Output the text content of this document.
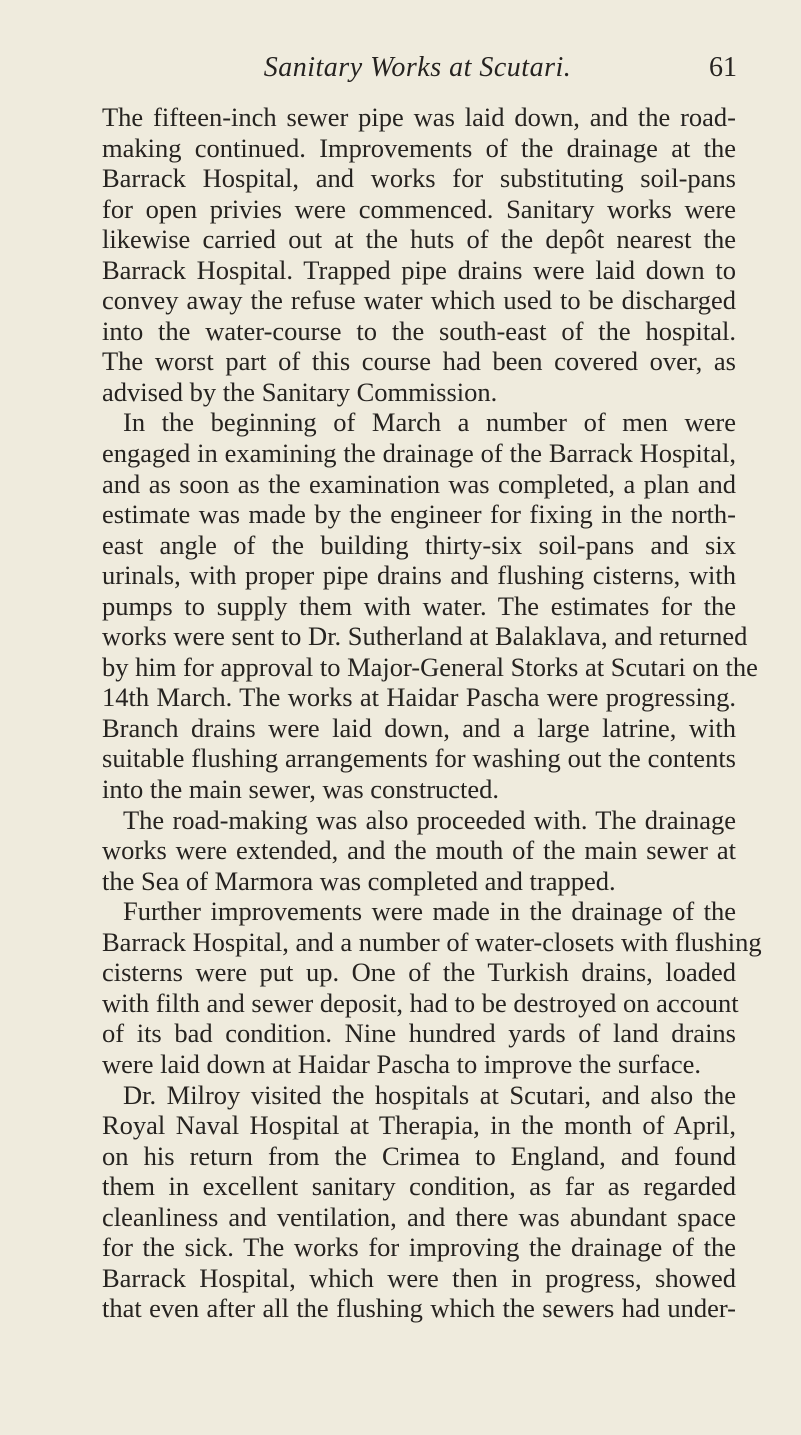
Sanitary Works at Scutari.	61
The fifteen-inch sewer pipe was laid down, and the road-
making continued. Improvements of the drainage at the
Barrack Hospital, and works for substituting soil-pans
for open privies were commenced. Sanitary works were
likewise carried out at the huts of the depôt nearest the
Barrack Hospital. Trapped pipe drains were laid down to
convey away the refuse water which used to be discharged
into the water-course to the south-east of the hospital.
The worst part of this course had been covered over, as
advised by the Sanitary Commission.
In the beginning of March a number of men were
engaged in examining the drainage of the Barrack Hospital,
and as soon as the examination was completed, a plan and
estimate was made by the engineer for fixing in the north-
east angle of the building thirty-six soil-pans and six
urinals, with proper pipe drains and flushing cisterns, with
pumps to supply them with water. The estimates for the
works were sent to Dr. Sutherland at Balaklava, and returned
by him for approval to Major-General Storks at Scutari on the
14th March. The works at Haidar Pascha were progressing.
Branch drains were laid down, and a large latrine, with
suitable flushing arrangements for washing out the contents
into the main sewer, was constructed.
The road-making was also proceeded with. The drainage
works were extended, and the mouth of the main sewer at
the Sea of Marmora was completed and trapped.
Further improvements were made in the drainage of the
Barrack Hospital, and a number of water-closets with flushing
cisterns were put up. One of the Turkish drains, loaded
with filth and sewer deposit, had to be destroyed on account
of its bad condition. Nine hundred yards of land drains
were laid down at Haidar Pascha to improve the surface.
Dr. Milroy visited the hospitals at Scutari, and also the
Royal Naval Hospital at Therapia, in the month of April,
on his return from the Crimea to England, and found
them in excellent sanitary condition, as far as regarded
cleanliness and ventilation, and there was abundant space
for the sick. The works for improving the drainage of the
Barrack Hospital, which were then in progress, showed
that even after all the flushing which the sewers had under-
